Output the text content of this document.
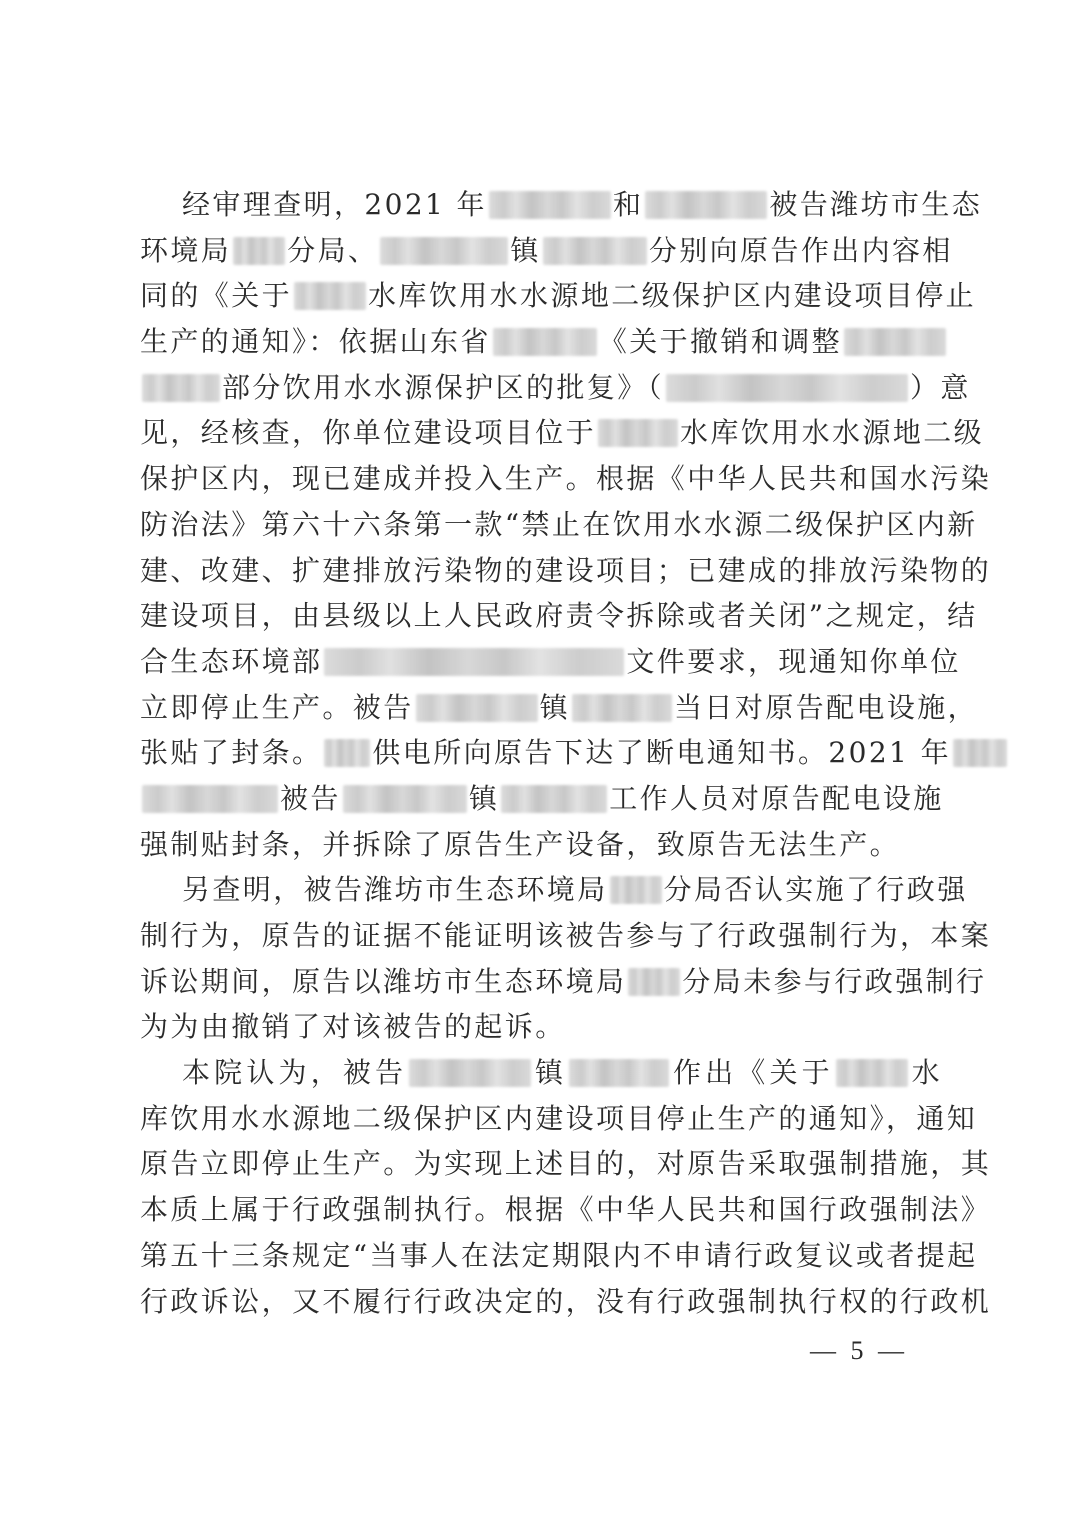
经审理查明，2021 年	和	被告潍坊市生态
环境局 分局、	镇	分别向原告作出内容相
同的《关于	水库饮用水水源地二级保护区内建设项目停止
生产的通知》：依据山东省	《关于撤销和调整
部分饮用水水源保护区的批复》（	）意
见，经核查，你单位建设项目位于	水库饮用水水源地二级
保护区内，现已建成并投入生产。根据《中华人民共和国水污染
防治法》第六十六条第一款“禁止在饮用水水源二级保护区内新
建、改建、扩建排放污染物的建设项目；已建成的排放污染物的
建设项目，由县级以上人民政府责令拆除或者关闭”之规定，结
合生态环境部	文件要求，现通知你单位
立即停止生产。被告	镇	当日对原告配电设施，
张贴了封条。 供电所向原告下达了断电通知书。2021 年
被告	镇	工作人员对原告配电设施
强制贴封条，并拆除了原告生产设备，致原告无法生产。
另查明，被告潍坊市生态环境局 分局否认实施了行政强
制行为，原告的证据不能证明该被告参与了行政强制行为，本案
诉讼期间，原告以潍坊市生态环境局 分局未参与行政强制行
为为由撤销了对该被告的起诉。
本院认为，被告	镇	作出《关于	水
库饮用水水源地二级保护区内建设项目停止生产的通知》，通知
原告立即停止生产。为实现上述目的，对原告采取强制措施，其
本质上属于行政强制执行。根据《中华人民共和国行政强制法》
第五十三条规定“当事人在法定期限内不申请行政复议或者提起
行政诉讼，又不履行行政决定的，没有行政强制执行权的行政机
— 5 —
